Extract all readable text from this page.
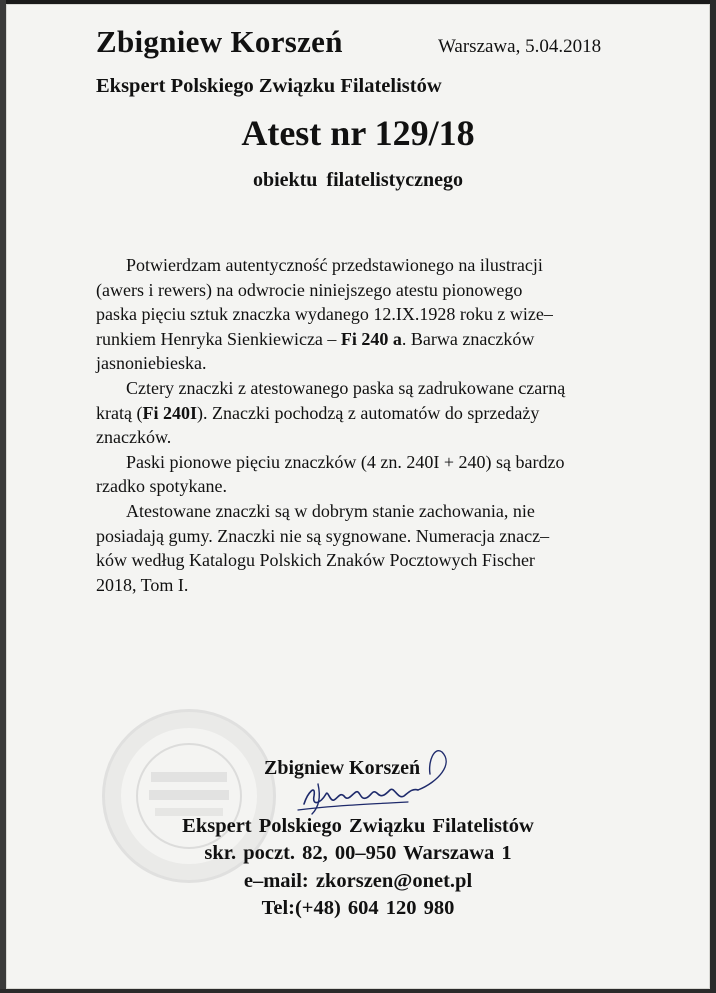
Zbigniew Korszeń	Warszawa, 5.04.2018
Ekspert Polskiego Związku Filatelistów
Atest nr 129/18
obiektu filatelistycznego
Potwierdzam autentyczność przedstawionego na ilustracji
(awers i rewers) na odwrocie niniejszego atestu pionowego
paska pięciu sztuk znaczka wydanego 12.IX.1928 roku z wize–
runkiem Henryka Sienkiewicza – Fi 240 a. Barwa znaczków
jasnoniebieska.
Cztery znaczki z atestowanego paska są zadrukowane czarną
kratą (Fi 240I). Znaczki pochodzą z automatów do sprzedaży
znaczków.
Paski pionowe pięciu znaczków (4 zn. 240I + 240) są bardzo
rzadko spotykane.
Atestowane znaczki są w dobrym stanie zachowania, nie
posiadają gumy. Znaczki nie są sygnowane. Numeracja znacz–
ków według Katalogu Polskich Znaków Pocztowych Fischer
2018, Tom I.
Zbigniew Korszeń
Ekspert Polskiego Związku Filatelistów
skr. poczt. 82, 00–950 Warszawa 1
e–mail: zkorszen@onet.pl
Tel:(+48) 604 120 980
